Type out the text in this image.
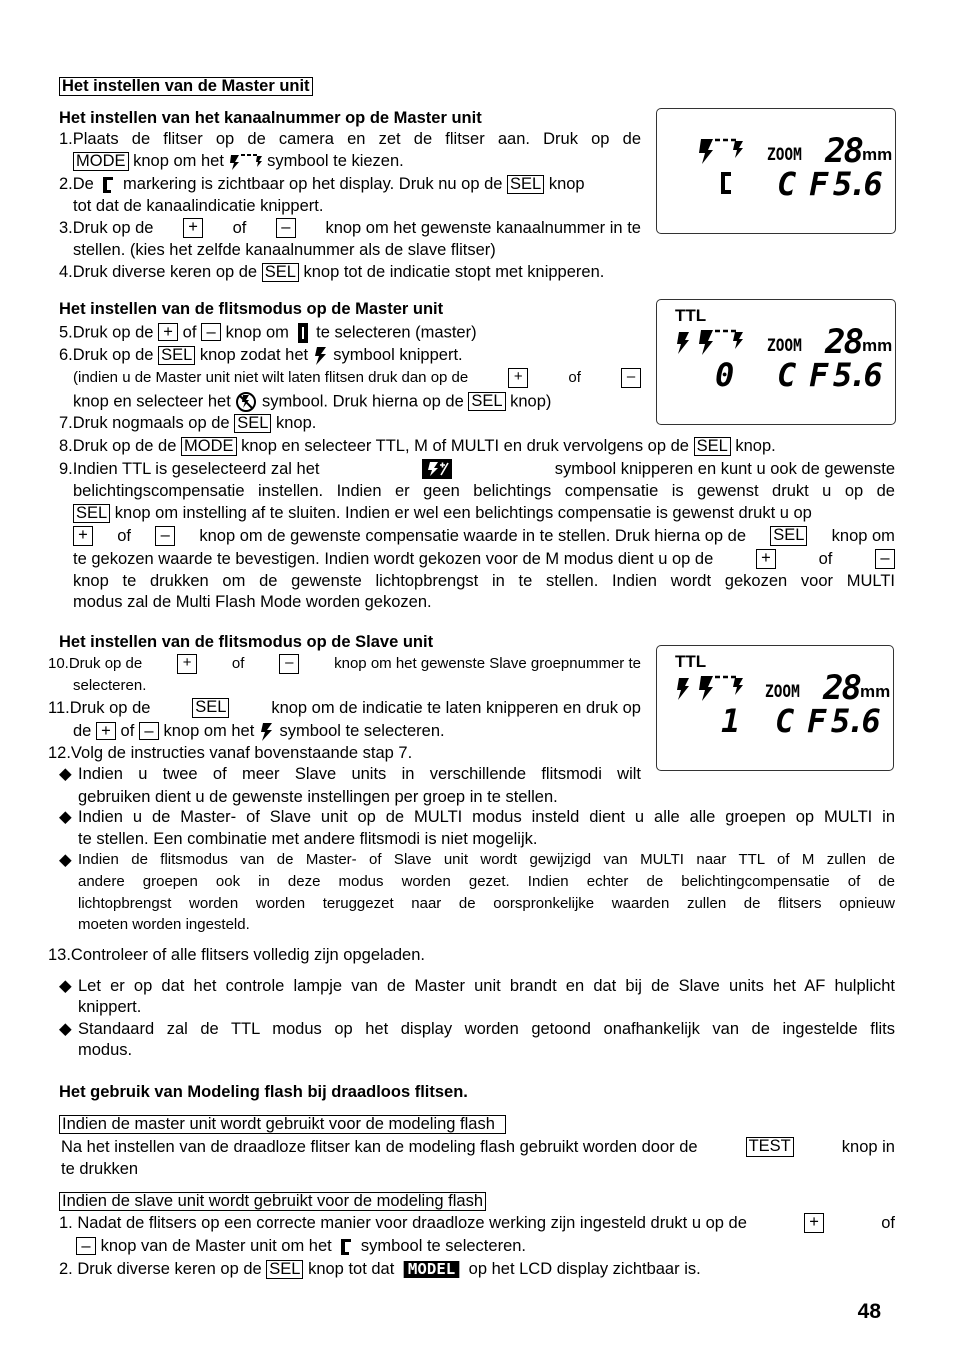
Het instellen van de Master unit
Het instellen van het kanaalnummer op de Master unit
1.Plaats de flitser op de camera en zet de flitser aan. Druk op de
MODE knop om het	symbool te kiezen.
2.De markering is zichtbaar op het display. Druk nu op de SEL knop
tot dat de kanaalindicatie knippert.
3.Druk op de	+	of	–	knop om het gewenste kanaalnummer in te
stellen. (kies het zelfde kanaalnummer als de slave flitser)
4.Druk diverse keren op de SEL knop tot de indicatie stopt met knipperen.
ZOOM 28 mm
C F 5.6
Het instellen van de flitsmodus op de Master unit
5.Druk op de + of – knop om te selecteren (master)
6.Druk op de SEL knop zodat het symbool knippert.
(indien u de Master unit niet wilt laten flitsen druk dan op de	+	of	–
knop en selecteer het symbool. Druk hierna op de SEL knop)
7.Druk nogmaals op de SEL knop.
TTL
ZOOM 28 mm
0 C F 5.6
8.Druk op de de MODE knop en selecteer TTL, M of MULTI en druk vervolgens op de SEL knop.
9.Indien TTL is geselecteerd zal het	symbool knipperen en kunt u ook de gewenste
belichtingscompensatie instellen. Indien er geen belichtings compensatie is gewenst drukt u op de
SEL knop om instelling af te sluiten. Indien er wel een belichtings compensatie is gewenst drukt u op
+	of	–	knop om de gewenste compensatie waarde in te stellen. Druk hierna op de SEL knop om
te gekozen waarde te bevestigen. Indien wordt gekozen voor de M modus dient u op de	+	of	–
knop te drukken om de gewenste lichtopbrengst in te stellen. Indien wordt gekozen voor MULTI
modus zal de Multi Flash Mode worden gekozen.
Het instellen van de flitsmodus op de Slave unit
10.Druk op de	+	of	–	knop om het gewenste Slave groepnummer te
selecteren.
11.Druk op de	SEL	knop om de indicatie te laten knipperen en druk op
de + of – knop om het symbool te selecteren.
12.Volg de instructies vanaf bovenstaande stap 7.
TTL
ZOOM 28 mm
1 C F 5.6
◆ Indien u twee of meer Slave units in verschillende flitsmodi wilt
gebruiken dient u de gewenste instellingen per groep in te stellen.
◆ Indien u de Master- of Slave unit op de MULTI modus insteld dient u alle alle groepen op MULTI in
te stellen. Een combinatie met andere flitsmodi is niet mogelijk.
◆ Indien de flitsmodus van de Master- of Slave unit wordt gewijzigd van MULTI naar TTL of M zullen de
andere groepen ook in deze modus worden gezet. Indien echter de belichtingcompensatie of de
lichtopbrengst worden worden teruggezet naar de oorspronkelijke waarden zullen de flitsers opnieuw
moeten worden ingesteld.
13.Controleer of alle flitsers volledig zijn opgeladen.
◆ Let er op dat het controle lampje van de Master unit brandt en dat bij de Slave units het AF hulplicht
knippert.
◆ Standaard zal de TTL modus op het display worden getoond onafhankelijk van de ingestelde flits
modus.
Het gebruik van Modeling flash bij draadloos flitsen.
Indien de master unit wordt gebruikt voor de modeling flash
Na het instellen van de draadloze flitser kan de modeling flash gebruikt worden door de	TEST	knop in
te drukken
Indien de slave unit wordt gebruikt voor de modeling flash
1. Nadat de flitsers op een correcte manier voor draadloze werking zijn ingesteld drukt u op de	+	of
– knop van de Master unit om het symbool te selecteren.
2. Druk diverse keren op de SEL knop tot dat MODEL op het LCD display zichtbaar is.
48
